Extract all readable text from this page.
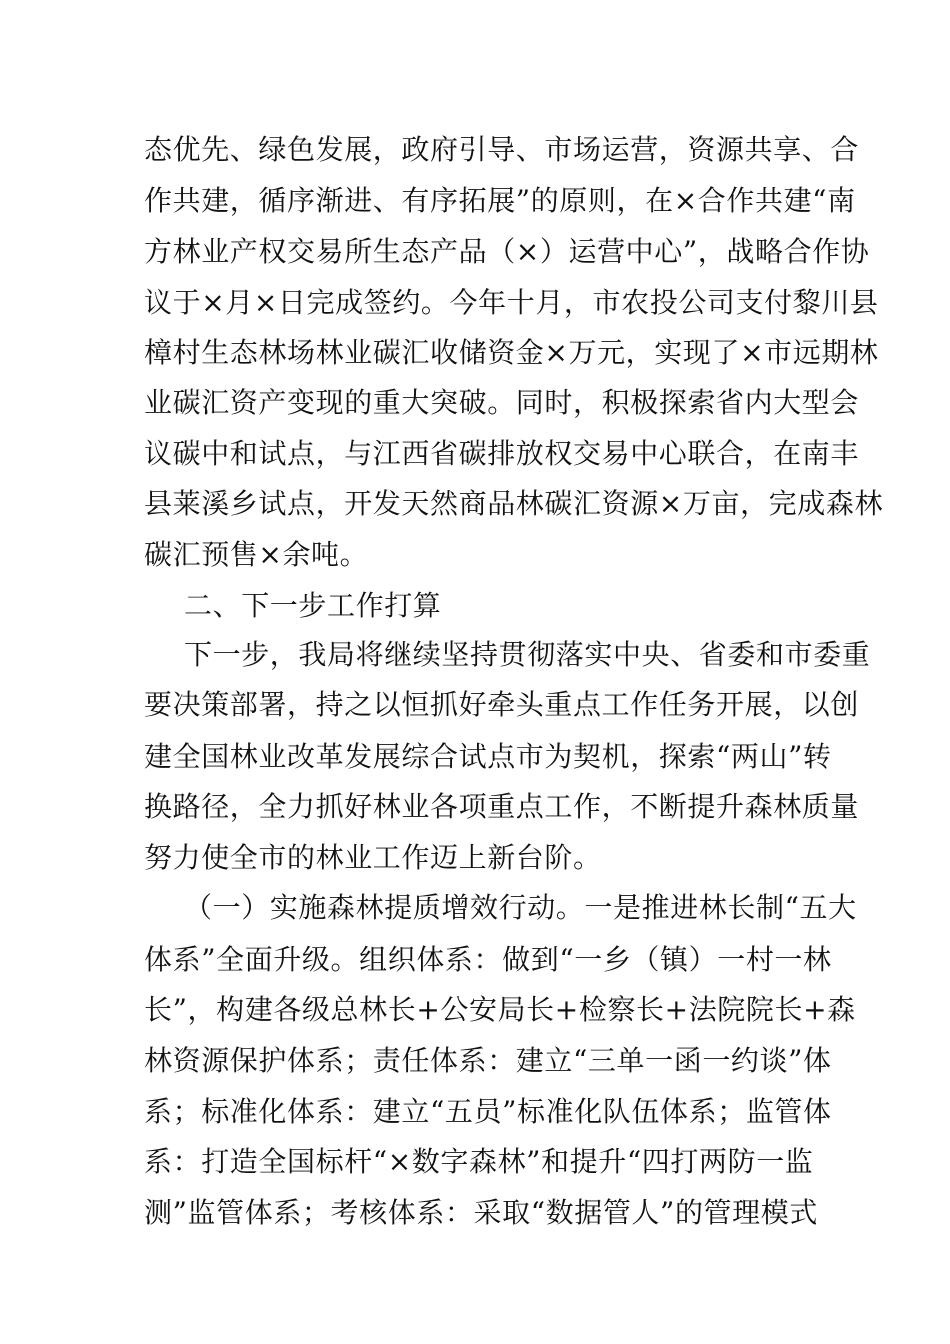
态优先、绿色发展，政府引导、市场运营，资源共享、合
作共建，循序渐进、有序拓展”的原则，在×合作共建“南
方林业产权交易所生态产品（×）运营中心”，战略合作协
议于×月×日完成签约。今年十月，市农投公司支付黎川县
樟村生态林场林业碳汇收储资金×万元，实现了×市远期林
业碳汇资产变现的重大突破。同时，积极探索省内大型会
议碳中和试点，与江西省碳排放权交易中心联合，在南丰
县莱溪乡试点，开发天然商品林碳汇资源×万亩，完成森林
碳汇预售×余吨。
二、下一步工作打算
下一步，我局将继续坚持贯彻落实中央、省委和市委重
要决策部署，持之以恒抓好牵头重点工作任务开展，以创
建全国林业改革发展综合试点市为契机，探索“两山”转
换路径，全力抓好林业各项重点工作，不断提升森林质量
努力使全市的林业工作迈上新台阶。
（一）实施森林提质增效行动。一是推进林长制“五大
体系”全面升级。组织体系：做到“一乡（镇）一村一林
长”，构建各级总林长+公安局长+检察长+法院院长+森
林资源保护体系；责任体系：建立“三单一函一约谈”体
系；标准化体系：建立“五员”标准化队伍体系；监管体
系：打造全国标杆“×数字森林”和提升“四打两防一监
测”监管体系；考核体系：采取“数据管人”的管理模式
